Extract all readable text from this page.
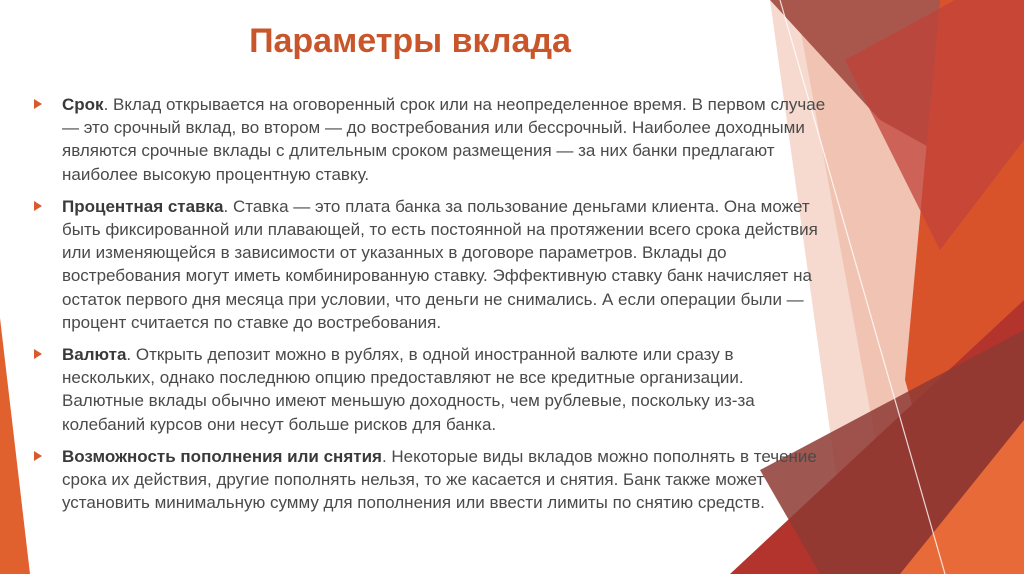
Параметры вклада
Срок. Вклад открывается на оговоренный срок или на неопределенное время. В первом случае — это срочный вклад, во втором — до востребования или бессрочный. Наиболее доходными являются срочные вклады с длительным сроком размещения — за них банки предлагают наиболее высокую процентную ставку.
Процентная ставка. Ставка — это плата банка за пользование деньгами клиента. Она может быть фиксированной или плавающей, то есть постоянной на протяжении всего срока действия или изменяющейся в зависимости от указанных в договоре параметров. Вклады до востребования могут иметь комбинированную ставку. Эффективную ставку банк начисляет на остаток первого дня месяца при условии, что деньги не снимались. А если операции были — процент считается по ставке до востребования.
Валюта. Открыть депозит можно в рублях, в одной иностранной валюте или сразу в нескольких, однако последнюю опцию предоставляют не все кредитные организации. Валютные вклады обычно имеют меньшую доходность, чем рублевые, поскольку из-за колебаний курсов они несут больше рисков для банка.
Возможность пополнения или снятия. Некоторые виды вкладов можно пополнять в течение срока их действия, другие пополнять нельзя, то же касается и снятия. Банк также может установить минимальную сумму для пополнения или ввести лимиты по снятию средств.
